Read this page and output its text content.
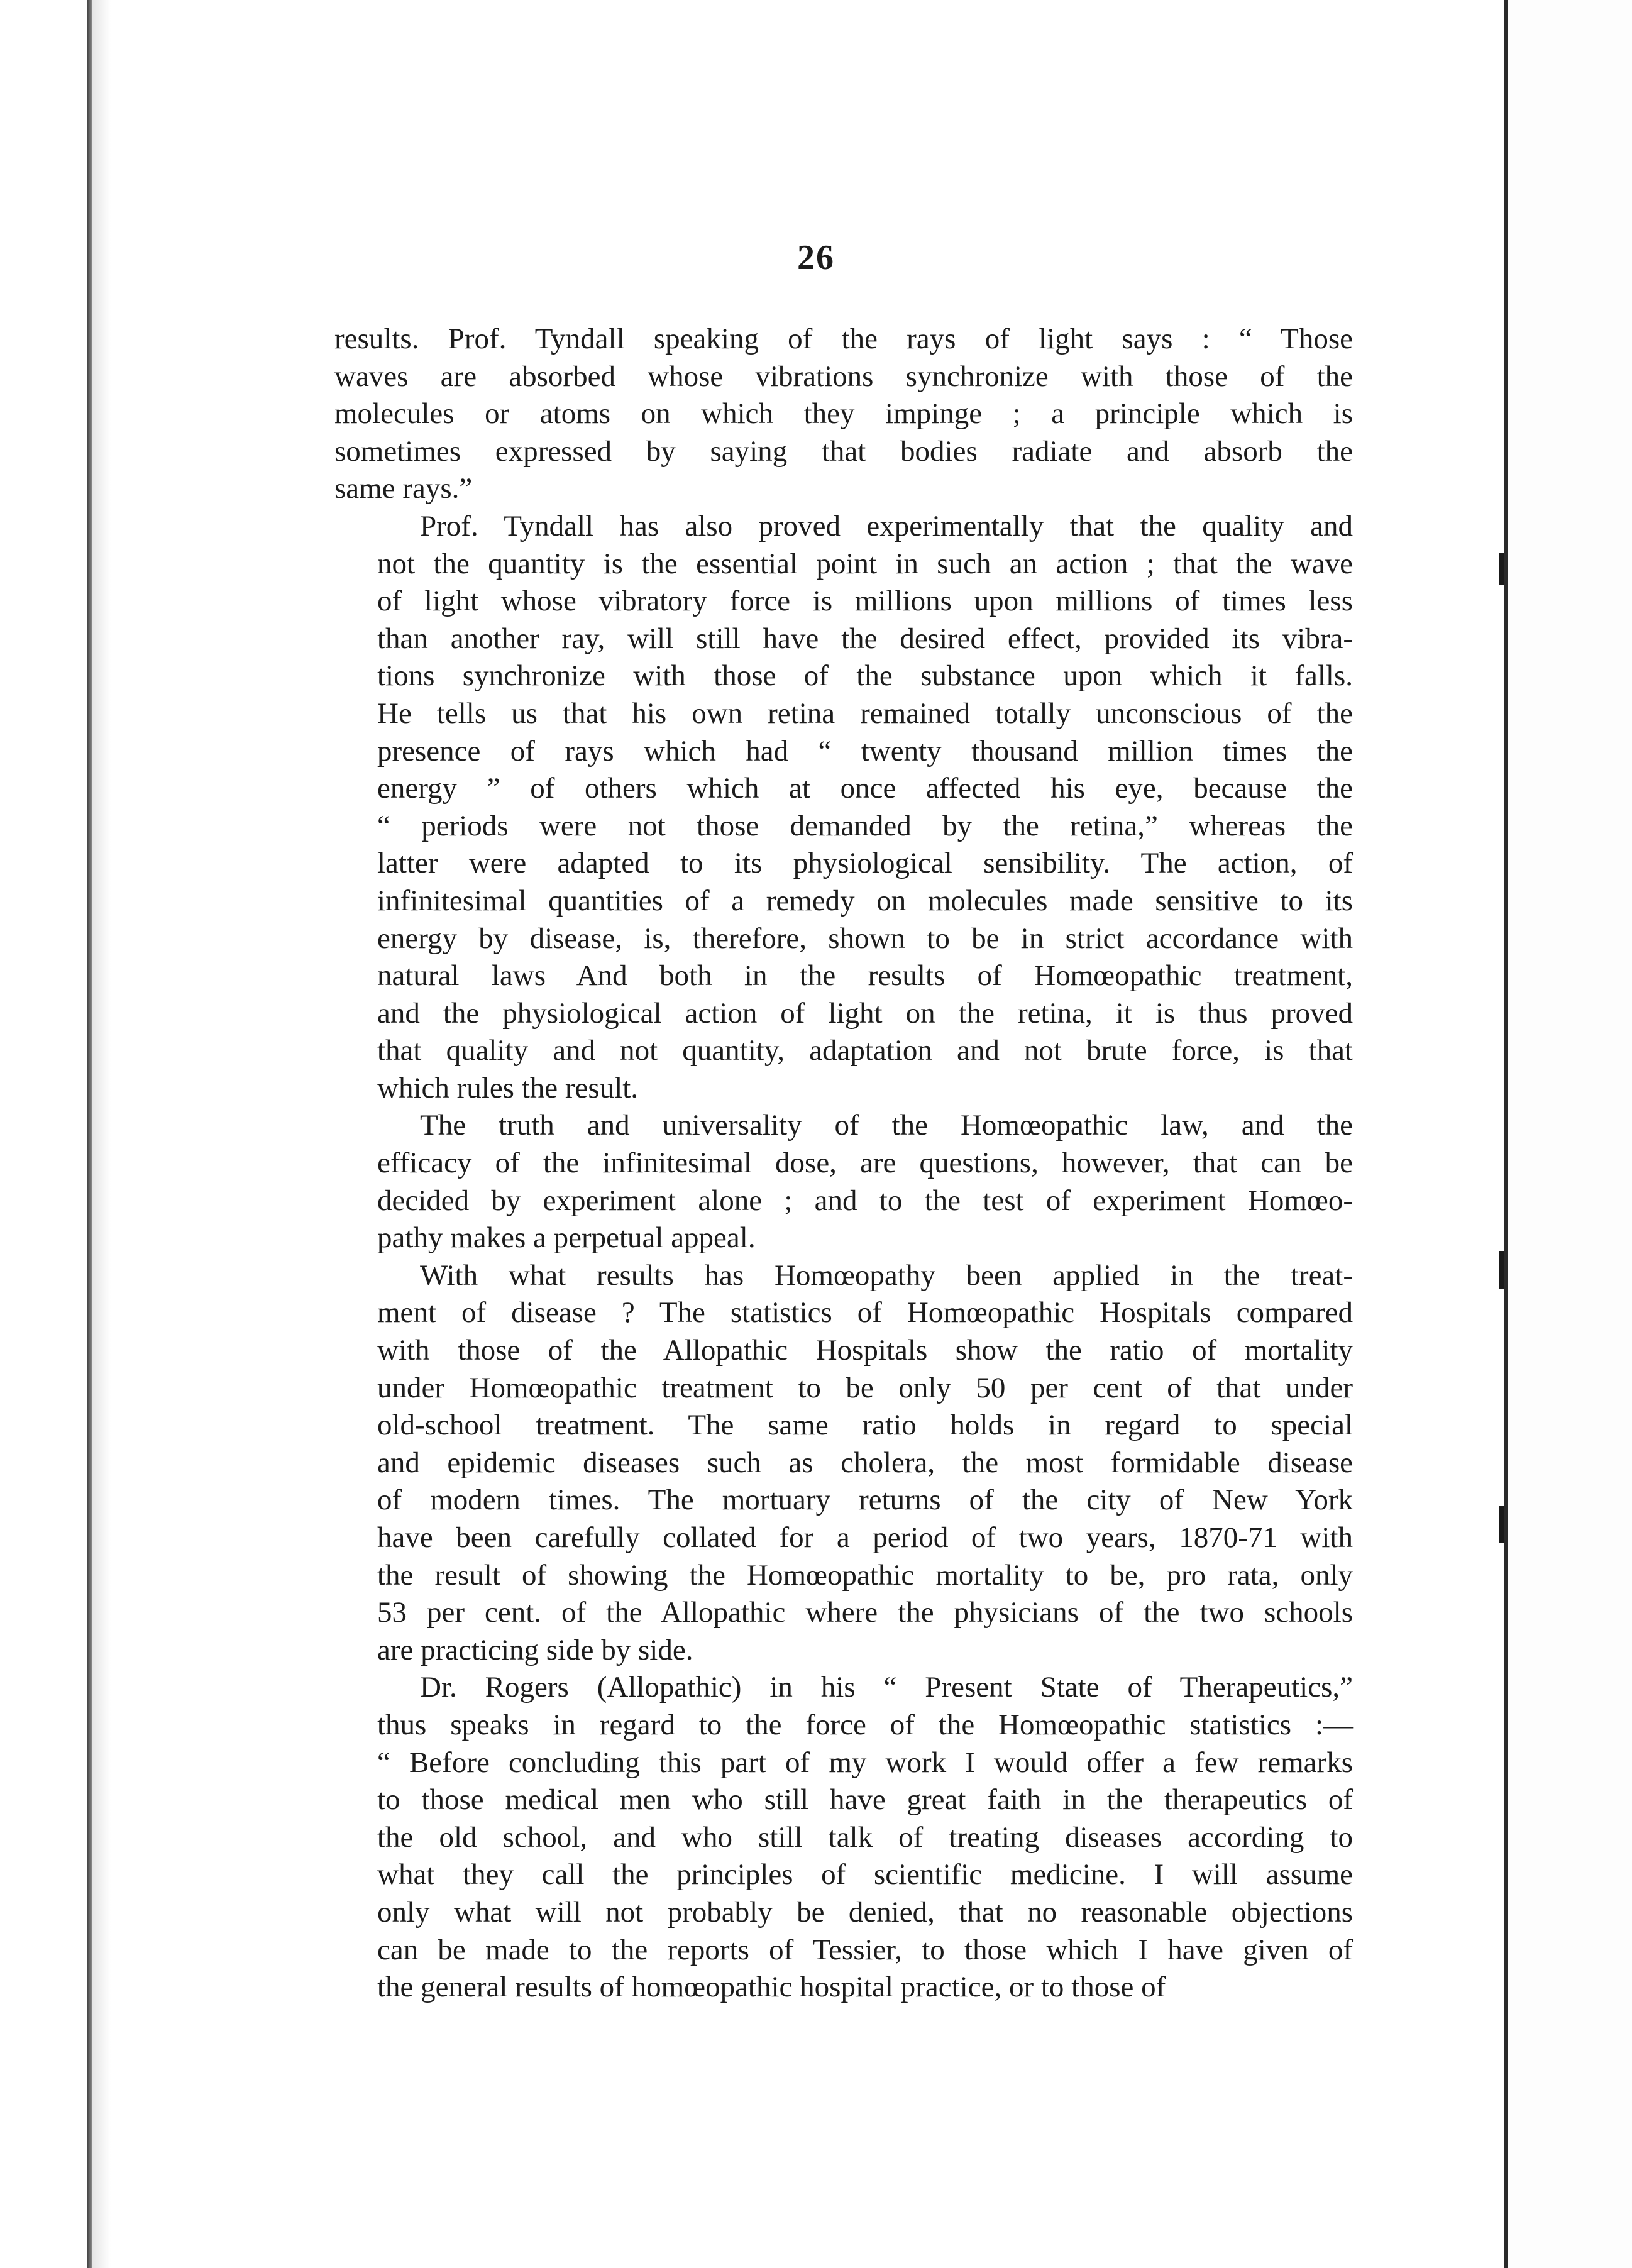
26
results. Prof. Tyndall speaking of the rays of light says : “ Those
waves are absorbed whose vibrations synchronize with those of the
molecules or atoms on which they impinge ; a principle which is
sometimes expressed by saying that bodies radiate and absorb the
same rays.”
Prof. Tyndall has also proved experimentally that the quality and
not the quantity is the essential point in such an action ; that the wave
of light whose vibratory force is millions upon millions of times less
than another ray, will still have the desired effect, provided its vibra-
tions synchronize with those of the substance upon which it falls.
He tells us that his own retina remained totally unconscious of the
presence of rays which had “ twenty thousand million times the
energy ” of others which at once affected his eye, because the
“ periods were not those demanded by the retina,” whereas the
latter were adapted to its physiological sensibility. The action, of
infinitesimal quantities of a remedy on molecules made sensitive to its
energy by disease, is, therefore, shown to be in strict accordance with
natural laws And both in the results of Homœopathic treatment,
and the physiological action of light on the retina, it is thus proved
that quality and not quantity, adaptation and not brute force, is that
which rules the result.
The truth and universality of the Homœopathic law, and the
efficacy of the infinitesimal dose, are questions, however, that can be
decided by experiment alone ; and to the test of experiment Homœo-
pathy makes a perpetual appeal.
With what results has Homœopathy been applied in the treat-
ment of disease ? The statistics of Homœopathic Hospitals compared
with those of the Allopathic Hospitals show the ratio of mortality
under Homœopathic treatment to be only 50 per cent of that under
old-school treatment. The same ratio holds in regard to special
and epidemic diseases such as cholera, the most formidable disease
of modern times. The mortuary returns of the city of New York
have been carefully collated for a period of two years, 1870-71 with
the result of showing the Homœopathic mortality to be, pro rata, only
53 per cent. of the Allopathic where the physicians of the two schools
are practicing side by side.
Dr. Rogers (Allopathic) in his “ Present State of Therapeutics,”
thus speaks in regard to the force of the Homœopathic statistics :—
“ Before concluding this part of my work I would offer a few remarks
to those medical men who still have great faith in the therapeutics of
the old school, and who still talk of treating diseases according to
what they call the principles of scientific medicine. I will assume
only what will not probably be denied, that no reasonable objections
can be made to the reports of Tessier, to those which I have given of
the general results of homœopathic hospital practice, or to those of
